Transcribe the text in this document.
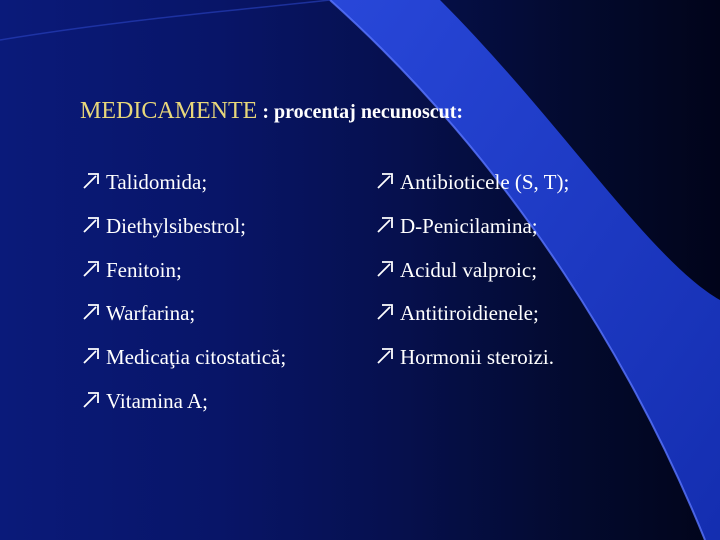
MEDICAMENTE : procentaj necunoscut:
Talidomida;
Diethylsibestrol;
Fenitoin;
Warfarina;
Medicaţia citostatică;
Vitamina A;
Antibioticele (S, T);
D-Penicilamina;
Acidul valproic;
Antitiroidienele;
Hormonii steroizi.
